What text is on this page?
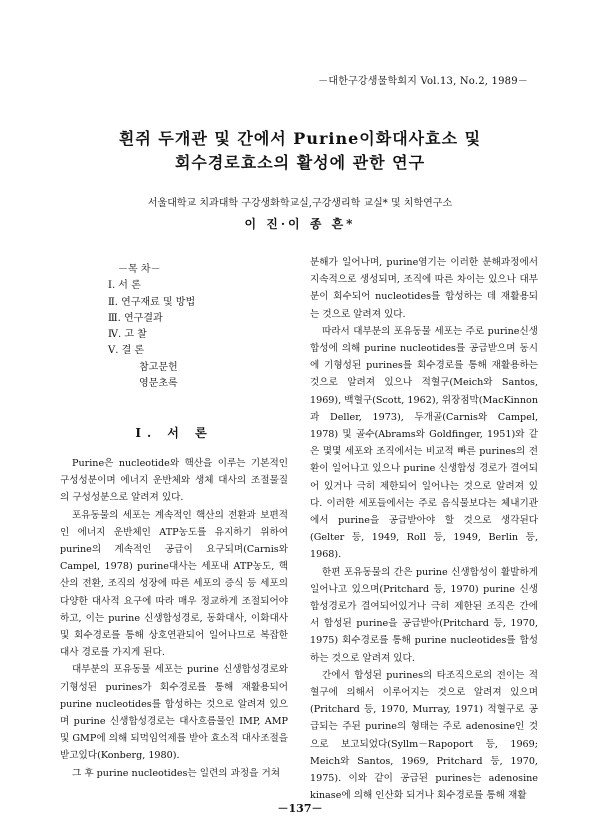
－대한구강생물학회지 Vol.13, No.2, 1989－
흰쥐 두개관 및 간에서 Purine이화대사효소 및
회수경로효소의 활성에 관한 연구
서울대학교 치과대학 구강생화학교실,구강생리학 교실* 및 치학연구소
이 진·이 종 흔*
－목 차－
Ⅰ. 서 론
Ⅱ. 연구재료 및 방법
Ⅲ. 연구결과
Ⅳ. 고 찰
Ⅴ. 결 론
참고문헌
영문초록
Ⅰ. 서 론

Purine은 nucleotide와 핵산을 이루는 기본적인 구성성분이며 에너지 운반체와 생체 대사의 조절물질의 구성성분으로 알려져 있다.

포유동물의 세포는 계속적인 핵산의 전환과 보편적인 에너지 운반체인 ATP농도를 유지하기 위하여 purine의 계속적인 공급이 요구되며(Carnis와 Campel, 1978) purine대사는 세포내 ATP농도, 핵산의 전환, 조직의 성장에 따른 세포의 증식 등 세포의 다양한 대사적 요구에 따라 매우 정교하게 조절되어야 하고, 이는 purine 신생합성경로, 동화대사, 이화대사 및 회수경로를 통해 상호연관되어 일어나므로 복잡한 대사 경로를 가지게 된다.

대부분의 포유동물 세포는 purine 신생합성경로와 기형성된 purines가 회수경로를 통해 재활용되어 purine nucleotides를 합성하는 것으로 알려져 있으며 purine 신생합성경로는 대사흐름물인 IMP, AMP및 GMP에 의해 되먹임억제를 받아 효소적 대사조절을 받고있다(Konberg, 1980).

그 후 purine nucleotides는 일련의 과정을 거쳐

분해가 일어나며, purine염기는 이러한 분해과정에서 지속적으로 생성되며, 조직에 따른 차이는 있으나 대부분이 회수되어 nucleotides를 합성하는 데 재활용되는 것으로 알려져 있다.

따라서 대부분의 포유동물 세포는 주로 purine신생합성에 의해 purine nucleotides를 공급받으며 동시에 기형성된 purines를 회수경로를 통해 재활용하는 것으로 알려져 있으나 적혈구(Meich와 Santos, 1969), 백혈구(Scott, 1962), 위장점막(MacKinnon과 Deller, 1973), 두개골(Carnis와 Campel, 1978) 및 골수(Abrams와 Goldfinger, 1951)와 같은 몇몇 세포와 조직에서는 비교적 빠른 purines의 전환이 일어나고 있으나 purine 신생합성 경로가 결여되어 있거나 극히 제한되어 일어나는 것으로 알려져 있다. 이러한 세포들에서는 주로 음식물보다는 체내기관에서 purine을 공급받아야 할 것으로 생각된다(Gelter 등, 1949, Roll 등, 1949, Berlin 등, 1968).

한편 포유동물의 간은 purine 신생합성이 활발하게 일어나고 있으며(Pritchard 등, 1970) purine 신생합성경로가 결여되어있거나 극히 제한된 조직은 간에서 합성된 purine을 공급받아(Pritchard 등, 1970, 1975) 회수경로를 통해 purine nucleotides를 합성하는 것으로 알려져 있다.

간에서 합성된 purines의 타조직으로의 전이는 적혈구에 의해서 이루어지는 것으로 알려져 있으며(Pritchard 등, 1970, Murray, 1971) 적혈구로 공급되는 주된 purine의 형태는 주로 adenosine인 것으로 보고되었다(Syllm－Rapoport 등, 1969; Meich와 Santos, 1969, Pritchard 등, 1970, 1975). 이와 같이 공급된 purines는 adenosine kinase에 의해 인산화 되거나 회수경로를 통해 재활

－137－
